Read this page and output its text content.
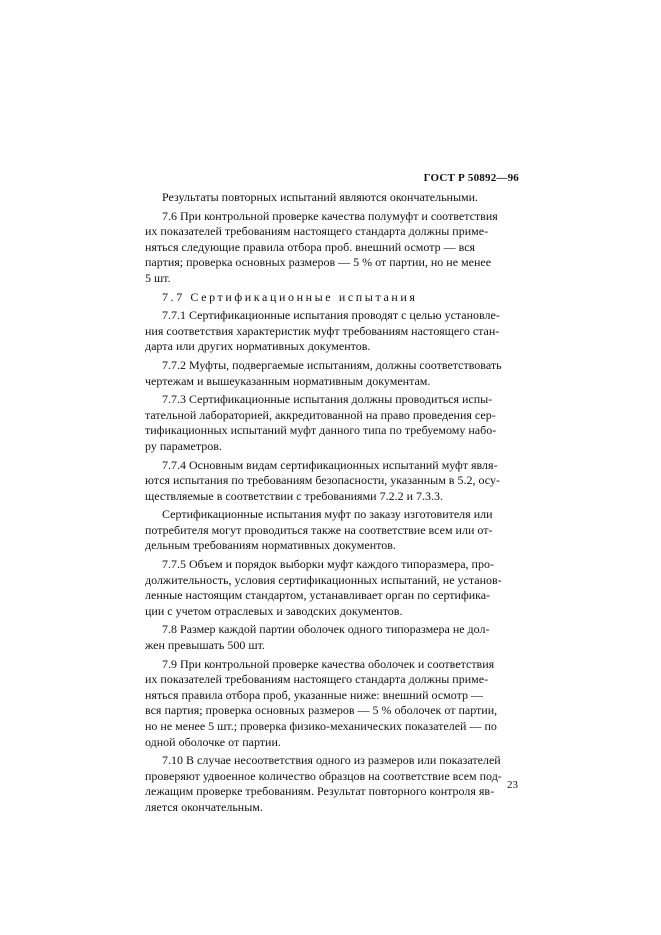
ГОСТ Р 50892—96

Результаты повторных испытаний являются окончательными.

7.6 При контрольной проверке качества полумуфт и соответствия
их показателей требованиям настоящего стандарта должны приме-
няться следующие правила отбора проб. внешний осмотр — вся
партия; проверка основных размеров — 5 % от партии, но не менее
5 шт.

7.7 Сертификационные испытания

7.7.1 Сертификационные испытания проводят с целью установле-
ния соответствия характеристик муфт требованиям настоящего стан-
дарта или других нормативных документов.

7.7.2 Муфты, подвергаемые испытаниям, должны соответствовать
чертежам и вышеуказанным нормативным документам.

7.7.3 Сертификационные испытания должны проводиться испы-
тательной лабораторией, аккредитованной на право проведения сер-
тификационных испытаний муфт данного типа по требуемому набо-
ру параметров.

7.7.4 Основным видам сертификационных испытаний муфт явля-
ются испытания по требованиям безопасности, указанным в 5.2, осу-
ществляемые в соответствии с требованиями 7.2.2 и 7.3.3.

Сертификационные испытания муфт по заказу изготовителя или
потребителя могут проводиться также на соответствие всем или от-
дельным требованиям нормативных документов.

7.7.5 Объем и порядок выборки муфт каждого типоразмера, про-
должительность, условия сертификационных испытаний, не установ-
ленные настоящим стандартом, устанавливает орган по сертифика-
ции с учетом отраслевых и заводских документов.

7.8 Размер каждой партии оболочек одного типоразмера не дол-
жен превышать 500 шт.

7.9 При контрольной проверке качества оболочек и соответствия
их показателей требованиям настоящего стандарта должны приме-
няться правила отбора проб, указанные ниже: внешний осмотр —
вся партия; проверка основных размеров — 5 % оболочек от партии,
но не менее 5 шт.; проверка физико-механических показателей — по
одной оболочке от партии.

7.10 В случае несоответствия одного из размеров или показателей
проверяют удвоенное количество образцов на соответствие всем под-
лежащим проверке требованиям. Результат повторного контроля яв-
ляется окончательным.

23
